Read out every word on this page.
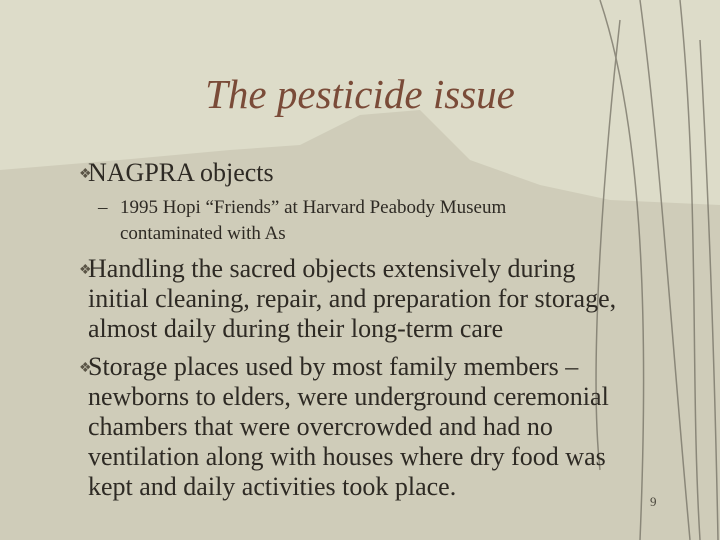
The pesticide issue
❖
NAGPRA objects
– 1995 Hopi “Friends” at Harvard Peabody Museum
contaminated with As
❖
Handling the sacred objects extensively during
initial cleaning, repair, and preparation for storage,
almost daily during their long-term care
❖
Storage places used by most family members –
newborns to elders, were underground ceremonial
chambers that were overcrowded and had no
ventilation along with houses where dry food was
kept and daily activities took place.
9
